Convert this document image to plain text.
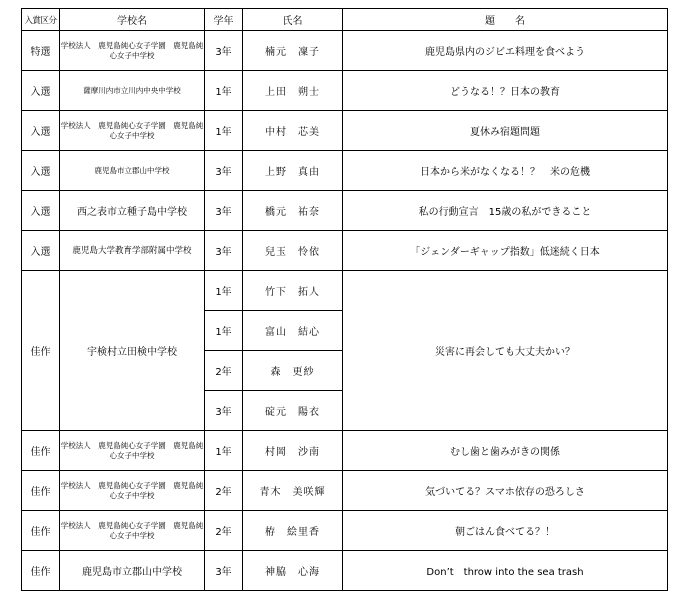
入賞区分	学校名	学年	氏名	題　　名
特選	学校法人　鹿児島純心女子学園　鹿児島純心女子中学校	3年	楠元　凜子	鹿児島県内のジビエ料理を食べよう
入選	薩摩川内市立川内中央中学校	1年	上田　朔士	どうなる！？日本の教育
入選	学校法人　鹿児島純心女子学園　鹿児島純心女子中学校	1年	中村　芯美	夏休み宿題問題
入選	鹿児島市立郡山中学校	3年	上野　真由	日本から米がなくなる！？　米の危機
入選	西之表市立種子島中学校	3年	橋元　祐奈	私の行動宣言　15歳の私ができること
入選	鹿児島大学教育学部附属中学校	3年	兒玉　怜依	「ジェンダーギャップ指数」低迷続く日本
佳作	宇検村立田検中学校	1年	竹下　拓人	災害に再会しても大丈夫かい？
		1年	富山　結心	
		2年	森　更紗	
		3年	碇元　陽衣	
佳作	学校法人　鹿児島純心女子学園　鹿児島純心女子中学校	1年	村岡　沙南	むし歯と歯みがきの関係
佳作	学校法人　鹿児島純心女子学園　鹿児島純心女子中学校	2年	青木　美咲輝	気づいてる？スマホ依存の恐ろしさ
佳作	学校法人　鹿児島純心女子学園　鹿児島純心女子中学校	2年	栫　絵里香	朝ごはん食べてる？！
佳作	鹿児島市立郡山中学校	3年	神脇　心海	Don’t　throw into the sea trash
